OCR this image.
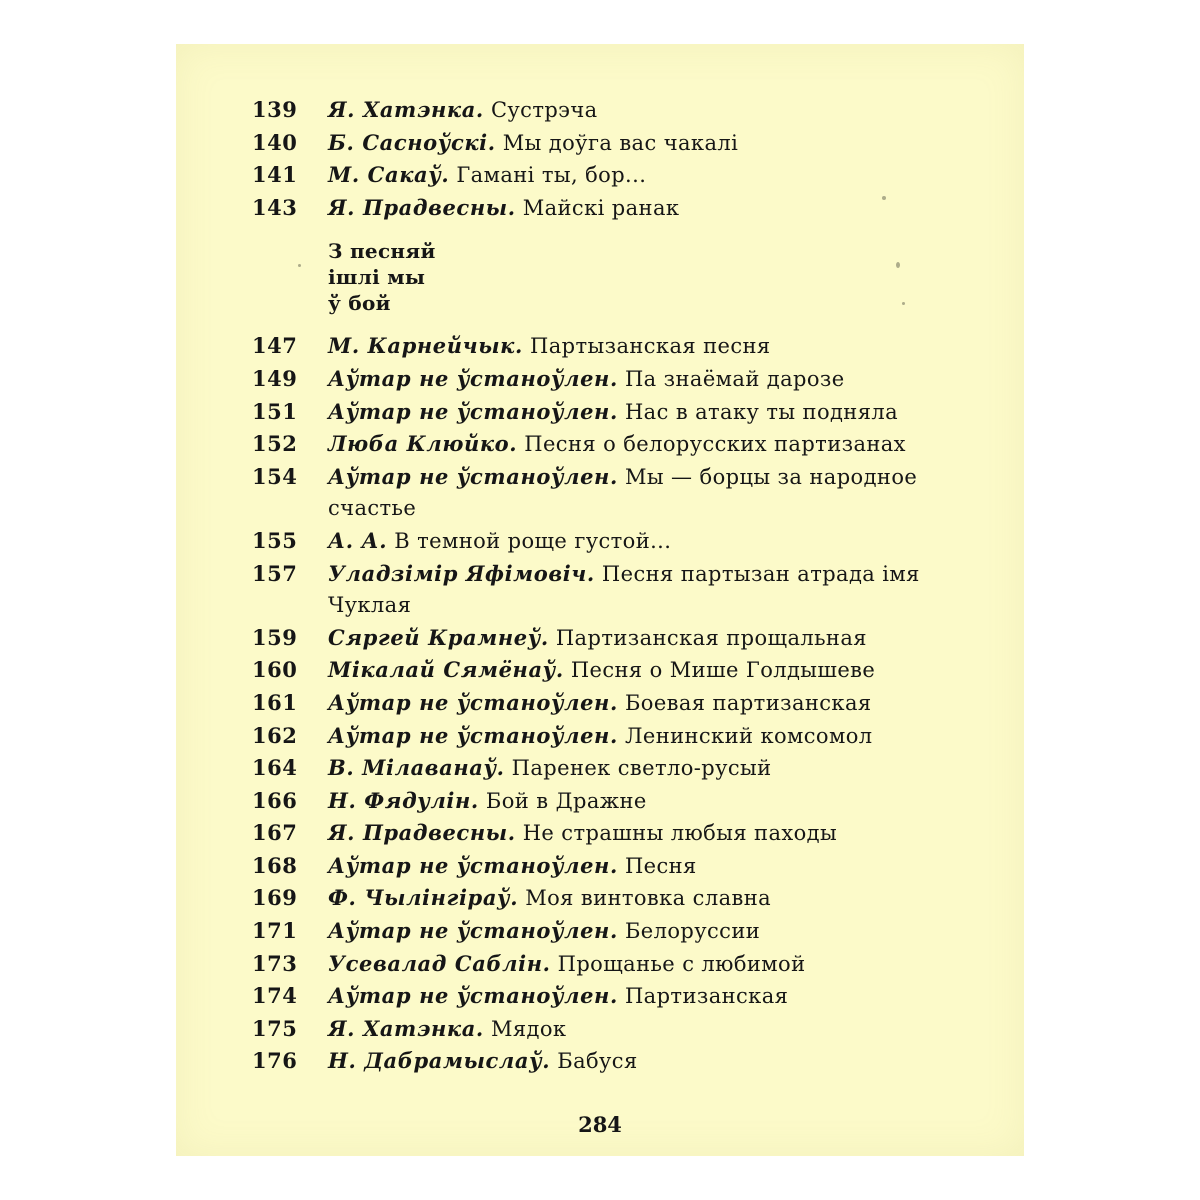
139	Я. Хатэнка. Сустрэча
140	Б. Сасноўскі. Мы доўга вас чакалі
141	М. Сакаў. Гамані ты, бор...
143	Я. Прадвесны. Майскі ранак
З песняй
ішлі мы
ў бой
147	М. Карнейчык. Партызанская песня
149	Аўтар не ўстаноўлен. Па знаёмай дарозе
151	Аўтар не ўстаноўлен. Нас в атаку ты подняла
152	Люба Клюйко. Песня о белорусских партизанах
154	Аўтар не ўстаноўлен. Мы — борцы за народное счастье
155	А. А. В темной роще густой...
157	Уладзімір Яфімовіч. Песня партызан атрада імя Чуклая
159	Сяргей Крамнеў. Партизанская прощальная
160	Мікалай Сямёнаў. Песня о Мише Голдышеве
161	Аўтар не ўстаноўлен. Боевая партизанская
162	Аўтар не ўстаноўлен. Ленинский комсомол
164	В. Мілаванаў. Паренек светло-русый
166	Н. Фядулін. Бой в Дражне
167	Я. Прадвесны. Не страшны любыя паходы
168	Аўтар не ўстаноўлен. Песня
169	Ф. Чылінгіраў. Моя винтовка славна
171	Аўтар не ўстаноўлен. Белоруссии
173	Усевалад Саблін. Прощанье с любимой
174	Аўтар не ўстаноўлен. Партизанская
175	Я. Хатэнка. Мядок
176	Н. Дабрамыслаў. Бабуся
284
